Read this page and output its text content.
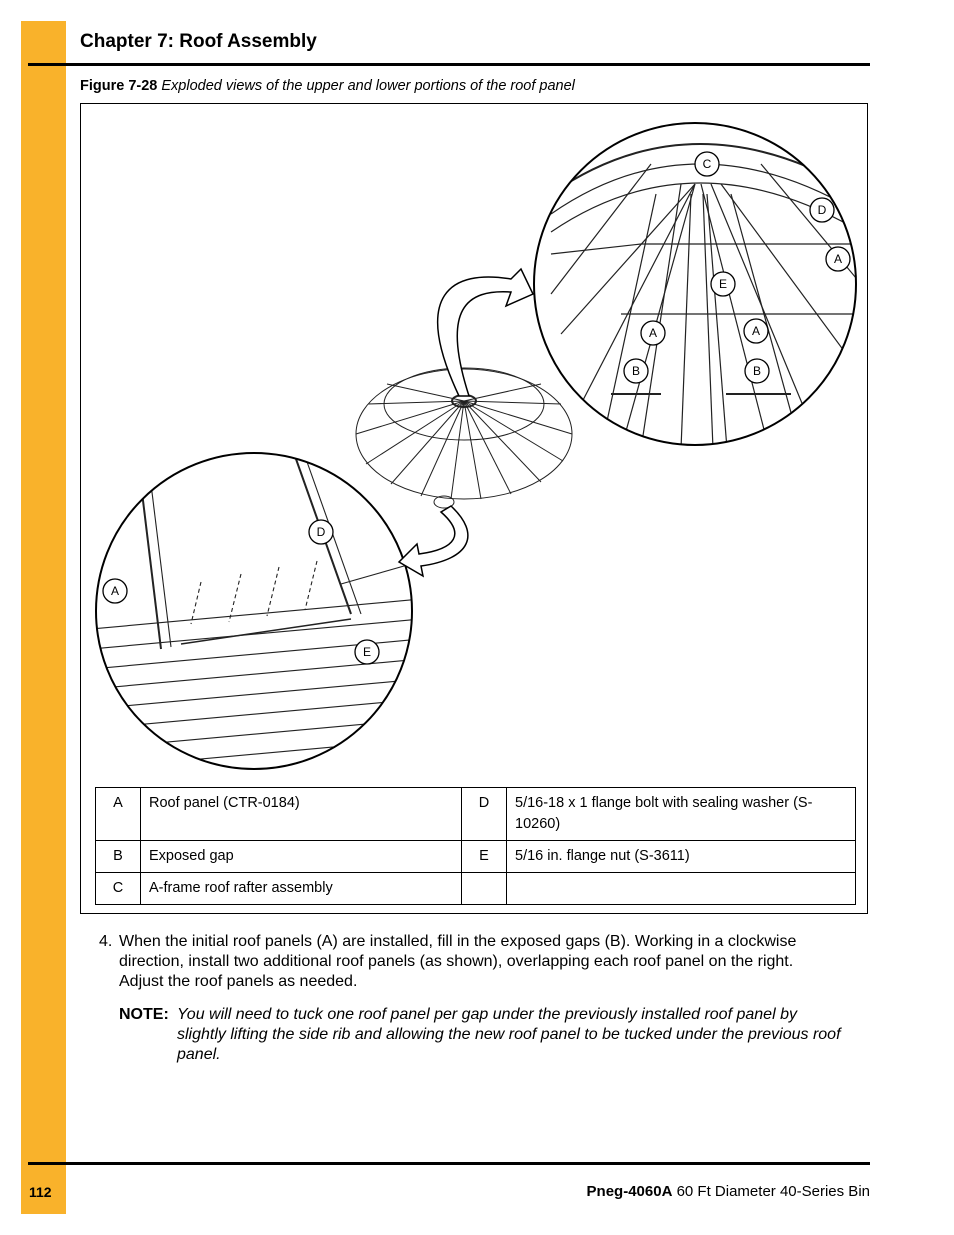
Chapter 7: Roof Assembly
Figure 7-28 Exploded views of the upper and lower portions of the roof panel
C
D
A
E
A	A
B	B
D
A
E
A	Roof panel (CTR-0184)	D	5/16-18 x 1 flange bolt with sealing washer (S-10260)
B	Exposed gap	E	5/16 in. flange nut (S-3611)
C	A-frame roof rafter assembly		
4. When the initial roof panels (A) are installed, fill in the exposed gaps (B). Working in a clockwise direction, install two additional roof panels (as shown), overlapping each roof panel on the right. Adjust the roof panels as needed.
NOTE: You will need to tuck one roof panel per gap under the previously installed roof panel by slightly lifting the side rib and allowing the new roof panel to be tucked under the previous roof panel.
112	Pneg-4060A 60 Ft Diameter 40-Series Bin
